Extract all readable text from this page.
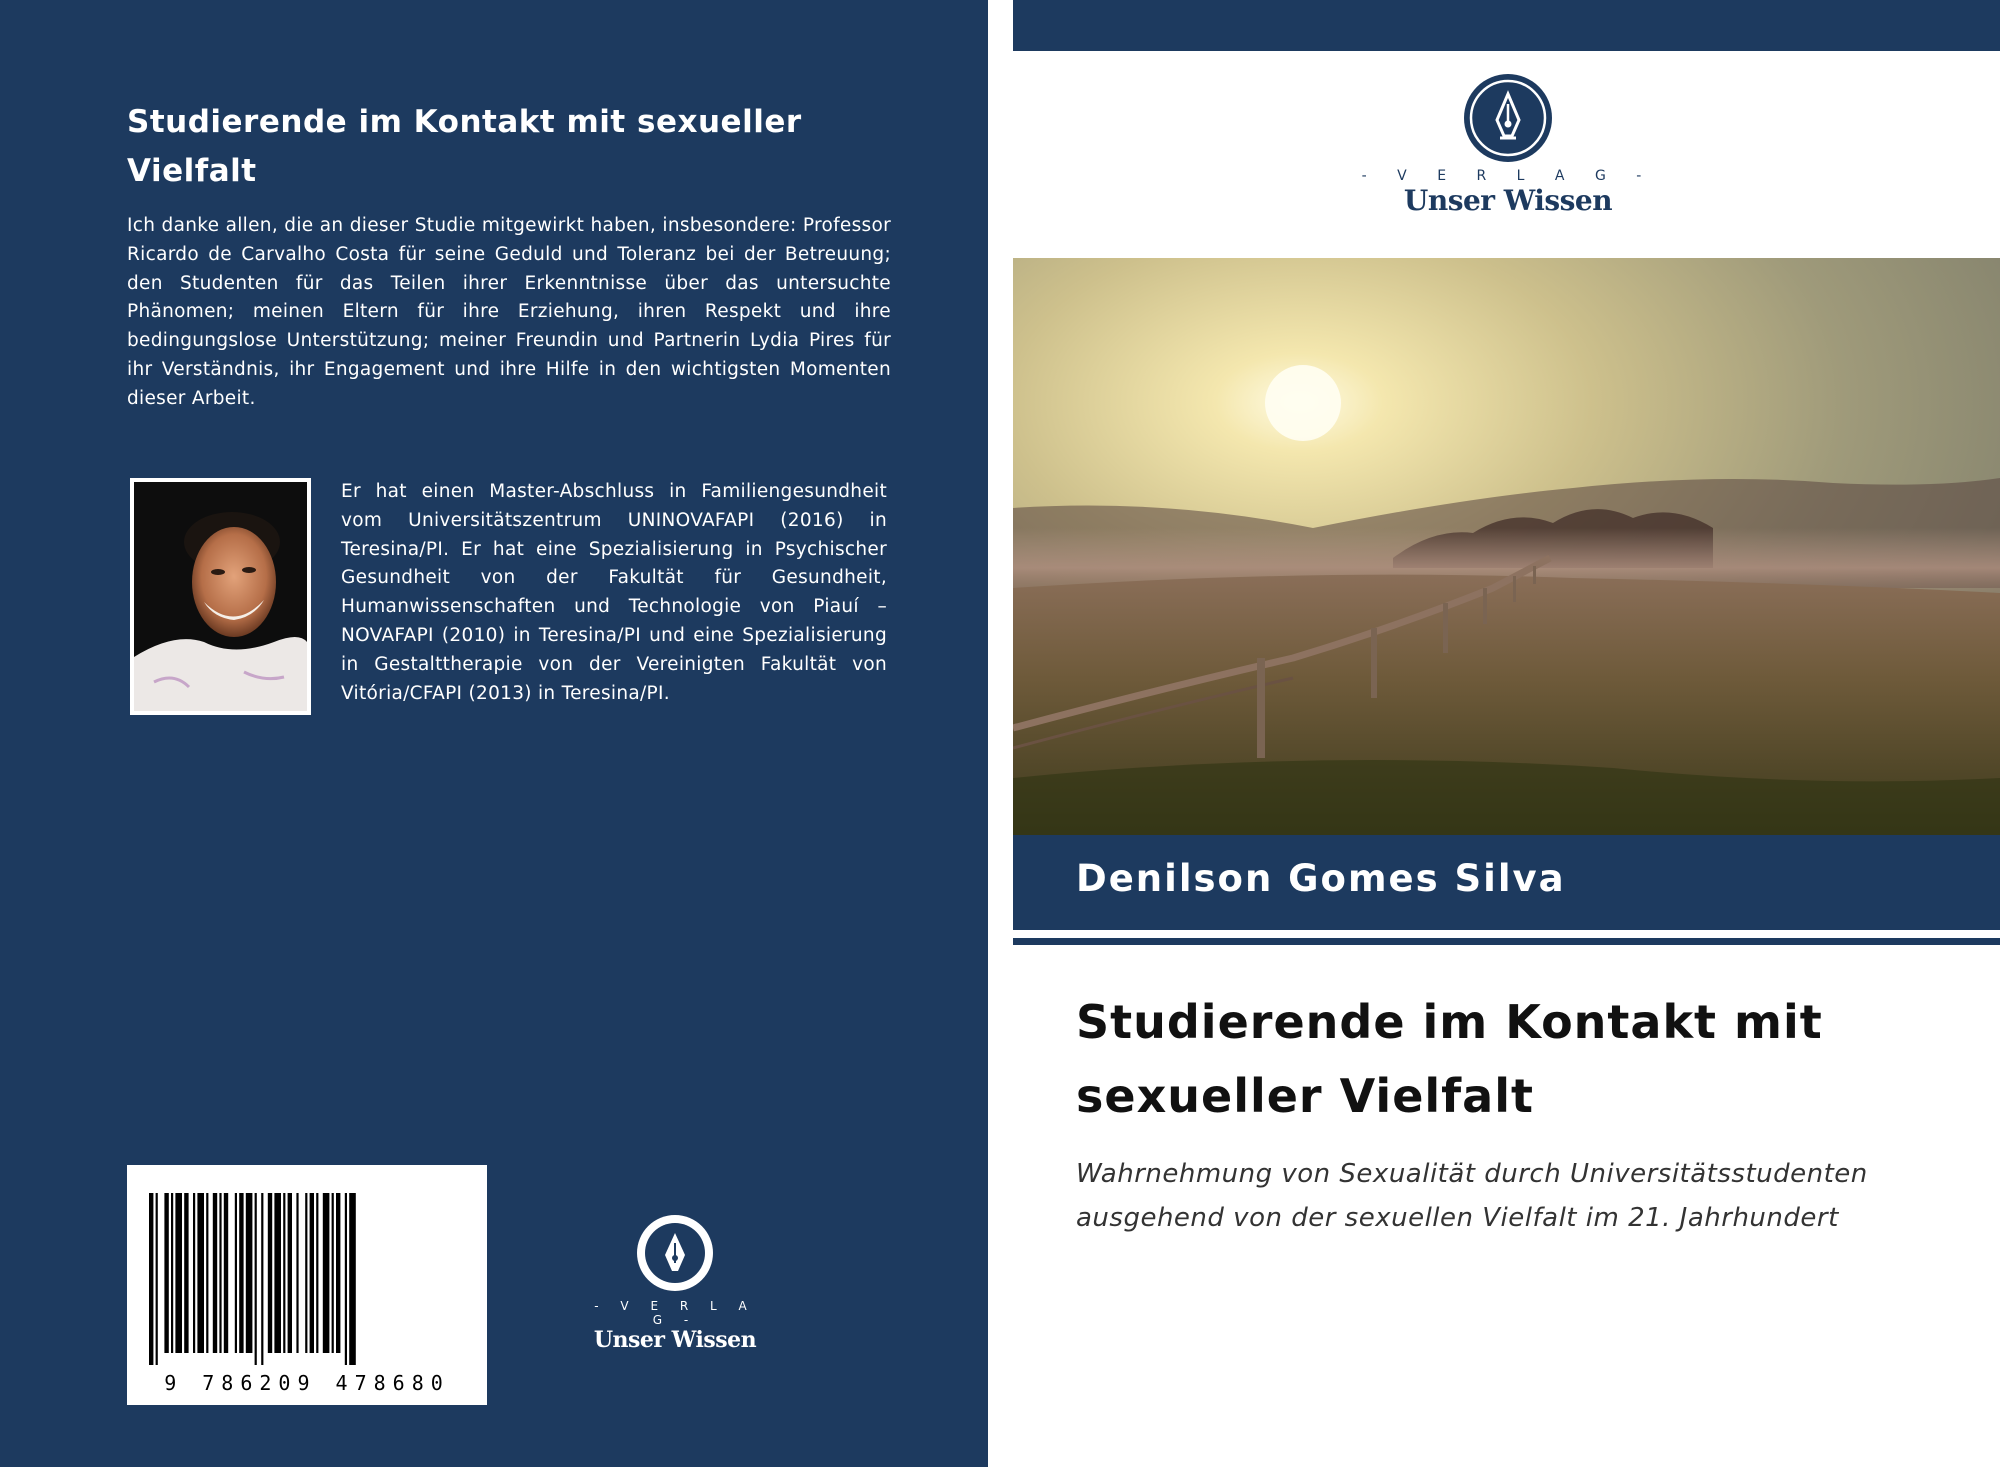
Studierende im Kontakt mit sexueller Vielfalt

Ich danke allen, die an dieser Studie mitgewirkt haben, insbesondere: Professor Ricardo de Carvalho Costa für seine Geduld und Toleranz bei der Betreuung; den Studenten für das Teilen ihrer Erkenntnisse über das untersuchte Phänomen; meinen Eltern für ihre Erziehung, ihren Respekt und ihre bedingungslose Unterstützung; meiner Freundin und Partnerin Lydia Pires für ihr Verständnis, ihr Engagement und ihre Hilfe in den wichtigsten Momenten dieser Arbeit.

Er hat einen Master-Abschluss in Familiengesundheit vom Universitätszentrum UNINOVAFAPI (2016) in Teresina/PI. Er hat eine Spezialisierung in Psychischer Gesundheit von der Fakultät für Gesundheit, Humanwissenschaften und Technologie von Piauí – NOVAFAPI (2010) in Teresina/PI und eine Spezialisierung in Gestalttherapie von der Vereinigten Fakultät von Vitória/CFAPI (2013) in Teresina/PI.

9 786209 478680
- V E R L A G -
Unser Wissen
- V E R L A G -
Unser Wissen
Denilson Gomes Silva
Studierende im Kontakt mit sexueller Vielfalt

Wahrnehmung von Sexualität durch Universitätsstudenten ausgehend von der sexuellen Vielfalt im 21. Jahrhundert
